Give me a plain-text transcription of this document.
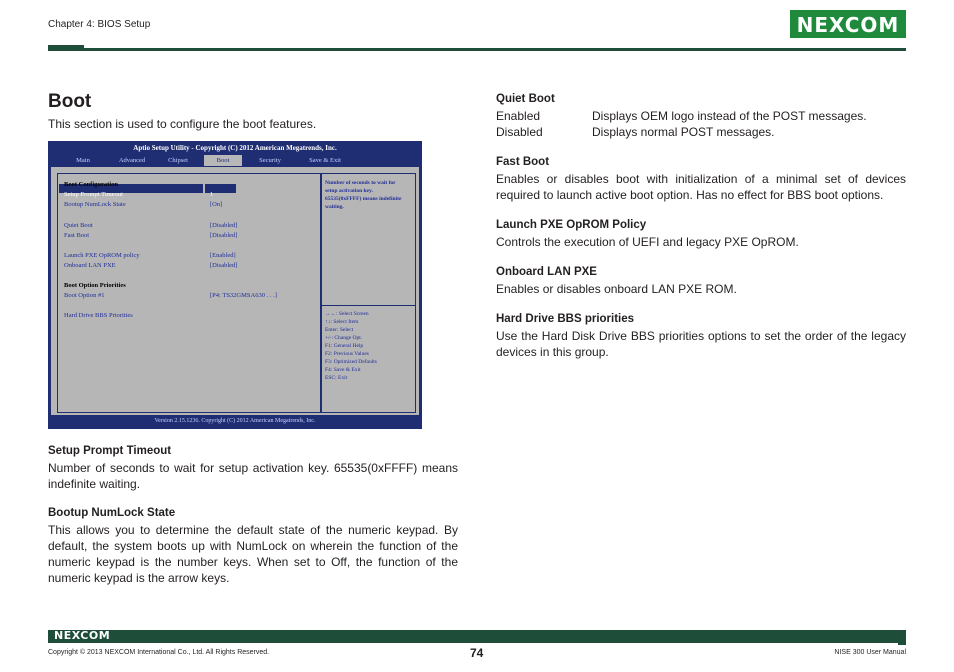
Chapter 4: BIOS Setup	NEXCOM
Boot
This section is used to configure the boot features.
Aptio Setup Utility - Copyright (C) 2012 American Megatrends, Inc.
Main	Advanced	Chipset	Boot	Security	Save & Exit
Boot Configuration
Setup Prompt Timeout	1
Bootup NumLock State	[On]
Quiet Boot	[Disabled]
Fast Boot	[Disabled]
Launch PXE OpROM policy	[Enabled]
Onboard LAN PXE	[Disabled]
Boot Option Priorities
Boot Option #1	[P4: TS32GMSA630 . . .]
Hard Drive BBS Priorities
Number of seconds to wait for
setup activation key.
65535(0xFFFF) means indefinite
waiting.
→←: Select Screen
↑↓: Select Item
Enter: Select
+/-: Change Opt.
F1: General Help
F2: Previous Values
F3: Optimized Defaults
F4: Save & Exit
ESC: Exit
Version 2.15.1236. Copyright (C) 2012 American Megatrends, Inc.
Setup Prompt Timeout
Number of seconds to wait for setup activation key. 65535(0xFFFF) means indefinite waiting.
Bootup NumLock State
This allows you to determine the default state of the numeric keypad. By default, the system boots up with NumLock on wherein the function of the numeric keypad is the number keys. When set to Off, the function of the numeric keypad is the arrow keys.
Quiet Boot
Enabled	Displays OEM logo instead of the POST messages.
Disabled	Displays normal POST messages.
Fast Boot
Enables or disables boot with initialization of a minimal set of devices required to launch active boot option. Has no effect for BBS boot options.
Launch PXE OpROM Policy
Controls the execution of UEFI and legacy PXE OpROM.
Onboard LAN PXE
Enables or disables onboard LAN PXE ROM.
Hard Drive BBS priorities
Use the Hard Disk Drive BBS priorities options to set the order of the legacy devices in this group.
NEXCOM
Copyright © 2013 NEXCOM International Co., Ltd. All Rights Reserved.	74	NISE 300 User Manual
